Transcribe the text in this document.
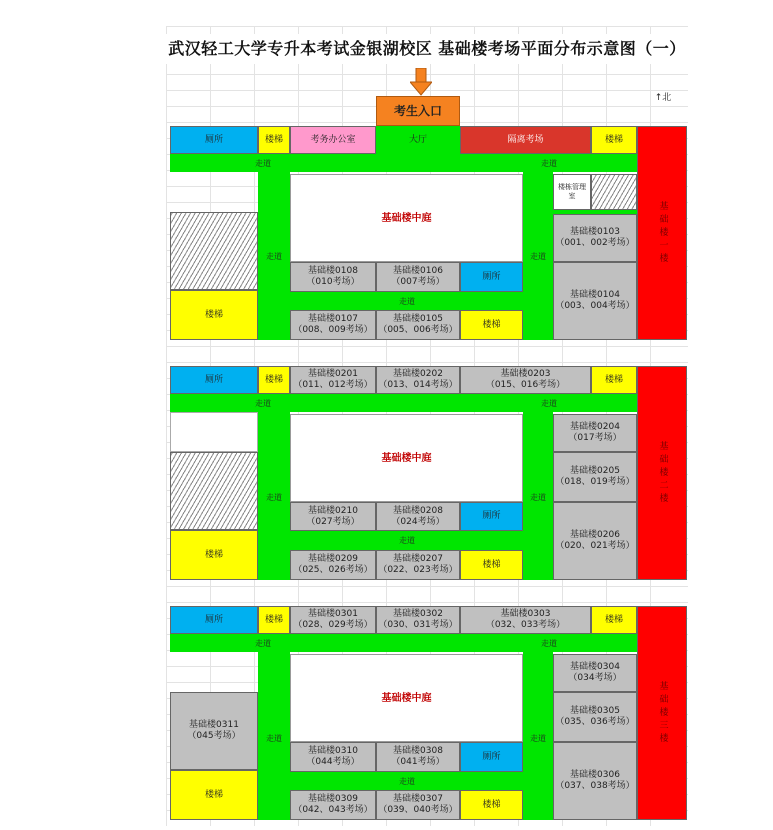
武汉轻工大学专升本考试金银湖校区 基础楼考场平面分布示意图（一）
考生入口
↑北
厕所	楼梯	考务办公室	大厅	隔离考场	楼梯
基础楼一楼
走道	走道
走道	走道
走道
楼梯
基础楼中庭
楼栋管理室
基础楼0103
（001、002考场）
基础楼0104
（003、004考场）
基础楼0108
（010考场）
基础楼0106
（007考场）
厕所
基础楼0107
（008、009考场）
基础楼0105
（005、006考场）
楼梯
厕所	楼梯
基础楼0201
（011、012考场）
基础楼0202
（013、014考场）
基础楼0203
（015、016考场）
楼梯
基础楼二楼
走道	走道
走道	走道
走道
楼梯
基础楼中庭
基础楼0204
（017考场）
基础楼0205
（018、019考场）
基础楼0206
（020、021考场）
基础楼0210
（027考场）
基础楼0208
（024考场）
厕所
基础楼0209
（025、026考场）
基础楼0207
（022、023考场）
楼梯
厕所	楼梯
基础楼0301
（028、029考场）
基础楼0302
（030、031考场）
基础楼0303
（032、033考场）
楼梯
基础楼三楼
走道	走道
走道	走道
走道
基础楼0311
（045考场）
楼梯
基础楼中庭
基础楼0304
（034考场）
基础楼0305
（035、036考场）
基础楼0306
（037、038考场）
基础楼0310
（044考场）
基础楼0308
（041考场）
厕所
基础楼0309
（042、043考场）
基础楼0307
（039、040考场）
楼梯
